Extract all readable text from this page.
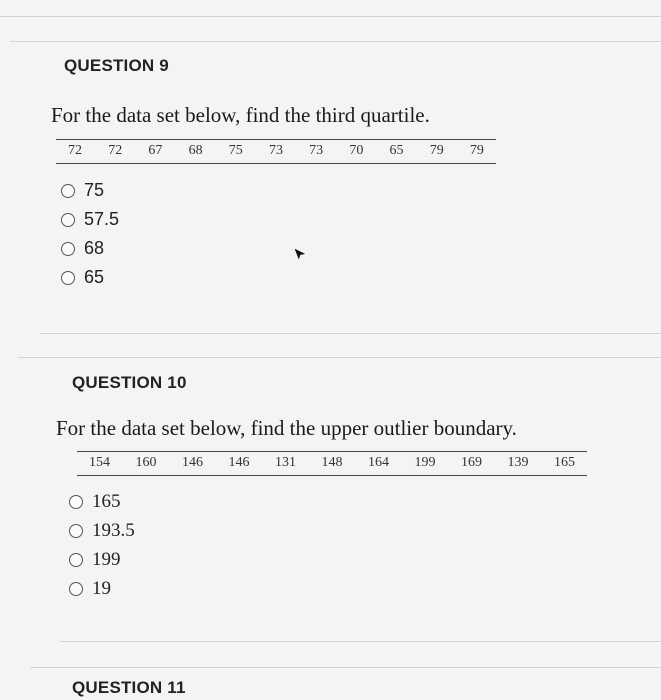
QUESTION 9
For the data set below, find the third quartile.
72 72 67 68 75 73 73 70 65 79 79
75
57.5
68
65
QUESTION 10
For the data set below, find the upper outlier boundary.
154 160 146 146 131 148 164 199 169 139 165
165
193.5
199
19
QUESTION 11
